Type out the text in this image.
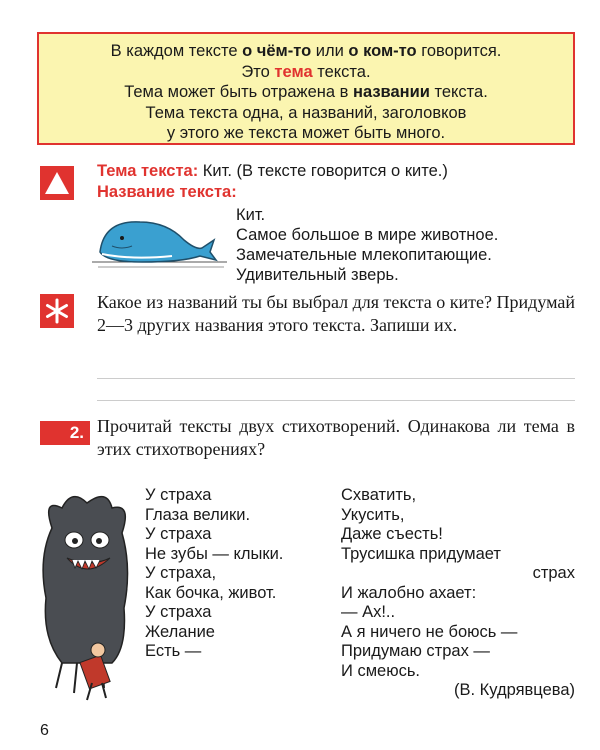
В каждом тексте о чём-то или о ком-то говорится.
Это тема текста.
Тема может быть отражена в названии текста.
Тема текста одна, а названий, заголовков
у этого же текста может быть много.
Тема текста: Кит. (В тексте говорится о ките.)
Название текста:
Кит.
Самое большое в мире животное.
Замечательные млекопитающие.
Удивительный зверь.
Какое из названий ты бы выбрал для текста о ките? Придумай 2—3 других названия этого текста. Запиши их.
2. Прочитай тексты двух стихотворений. Одинакова ли тема в этих стихотворениях?
У страха
Глаза велики.
У страха
Не зубы — клыки.
У страха,
Как бочка, живот.
У страха
Желание
Есть —
Схватить,
Укусить,
Даже съесть!
Трусишка придумает
страх
И жалобно ахает:
— Ах!..
А я ничего не боюсь —
Придумаю страх —
И смеюсь.
(В. Кудрявцева)
6
